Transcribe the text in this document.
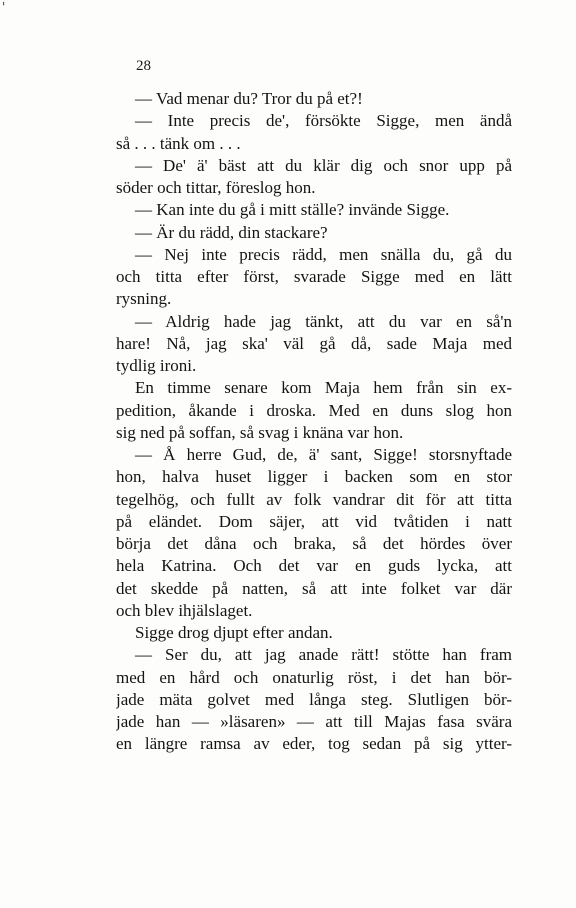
'
28
— Vad menar du? Tror du på et?!
— Inte precis de', försökte Sigge, men ändå
så . . . tänk om . . .
— De' ä' bäst att du klär dig och snor upp på
söder och tittar, föreslog hon.
— Kan inte du gå i mitt ställe? invände Sigge.
— Är du rädd, din stackare?
— Nej inte precis rädd, men snälla du, gå du
och titta efter först, svarade Sigge med en lätt
rysning.
— Aldrig hade jag tänkt, att du var en så'n
hare! Nå, jag ska' väl gå då, sade Maja med
tydlig ironi.
En timme senare kom Maja hem från sin ex-
pedition, åkande i droska. Med en duns slog hon
sig ned på soffan, så svag i knäna var hon.
— Å herre Gud, de, ä' sant, Sigge! storsnyftade
hon, halva huset ligger i backen som en stor
tegelhög, och fullt av folk vandrar dit för att titta
på eländet. Dom säjer, att vid tvåtiden i natt
börja det dåna och braka, så det hördes över
hela Katrina. Och det var en guds lycka, att
det skedde på natten, så att inte folket var där
och blev ihjälslaget.
Sigge drog djupt efter andan.
— Ser du, att jag anade rätt! stötte han fram
med en hård och onaturlig röst, i det han bör-
jade mäta golvet med långa steg. Slutligen bör-
jade han — »läsaren» — att till Majas fasa svära
en längre ramsa av eder, tog sedan på sig ytter-
